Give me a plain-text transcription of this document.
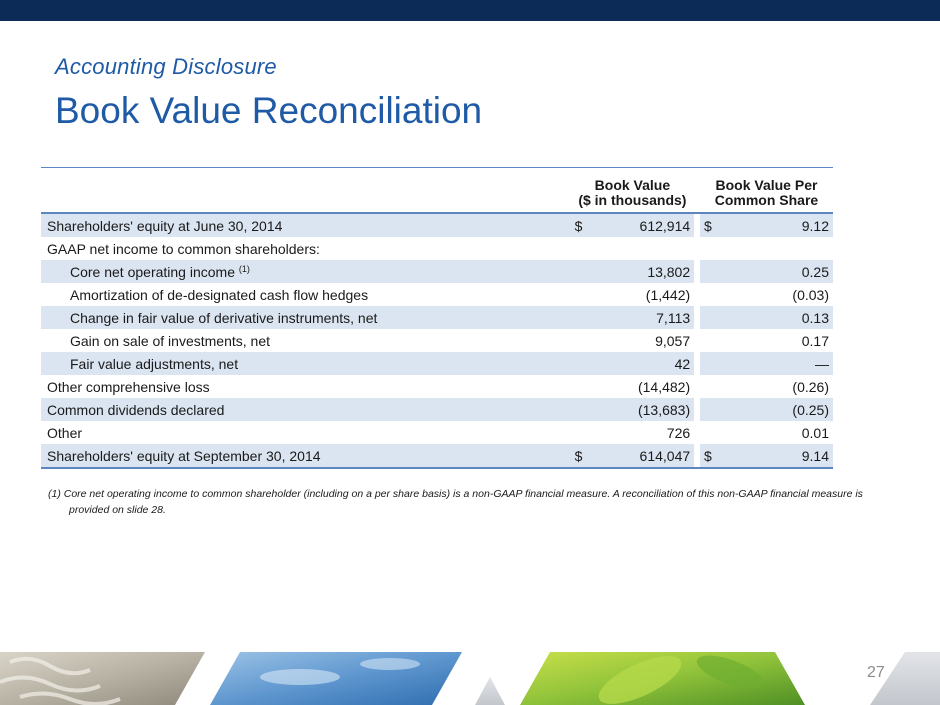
Accounting Disclosure
Book Value Reconciliation
	Book Value
($ in thousands)			Book Value Per
Common Share	
Shareholders' equity at June 30, 2014	$	612,914		$	9.12
GAAP net income to common shareholders:					
Core net operating income $^{(1)}$		13,802			0.25
Amortization of de-designated cash flow hedges		(1,442)			(0.03)
Change in fair value of derivative instruments, net		7,113			0.13
Gain on sale of investments, net		9,057			0.17
Fair value adjustments, net		42			—
Other comprehensive loss		(14,482)			(0.26)
Common dividends declared		(13,683)			(0.25)
Other		726			0.01
Shareholders' equity at September 30, 2014	$	614,047		$	9.14
(1) Core net operating income to common shareholder (including on a per share basis) is a non-GAAP financial measure. A reconciliation of this non-GAAP financial measure is
provided on slide 28.
27
